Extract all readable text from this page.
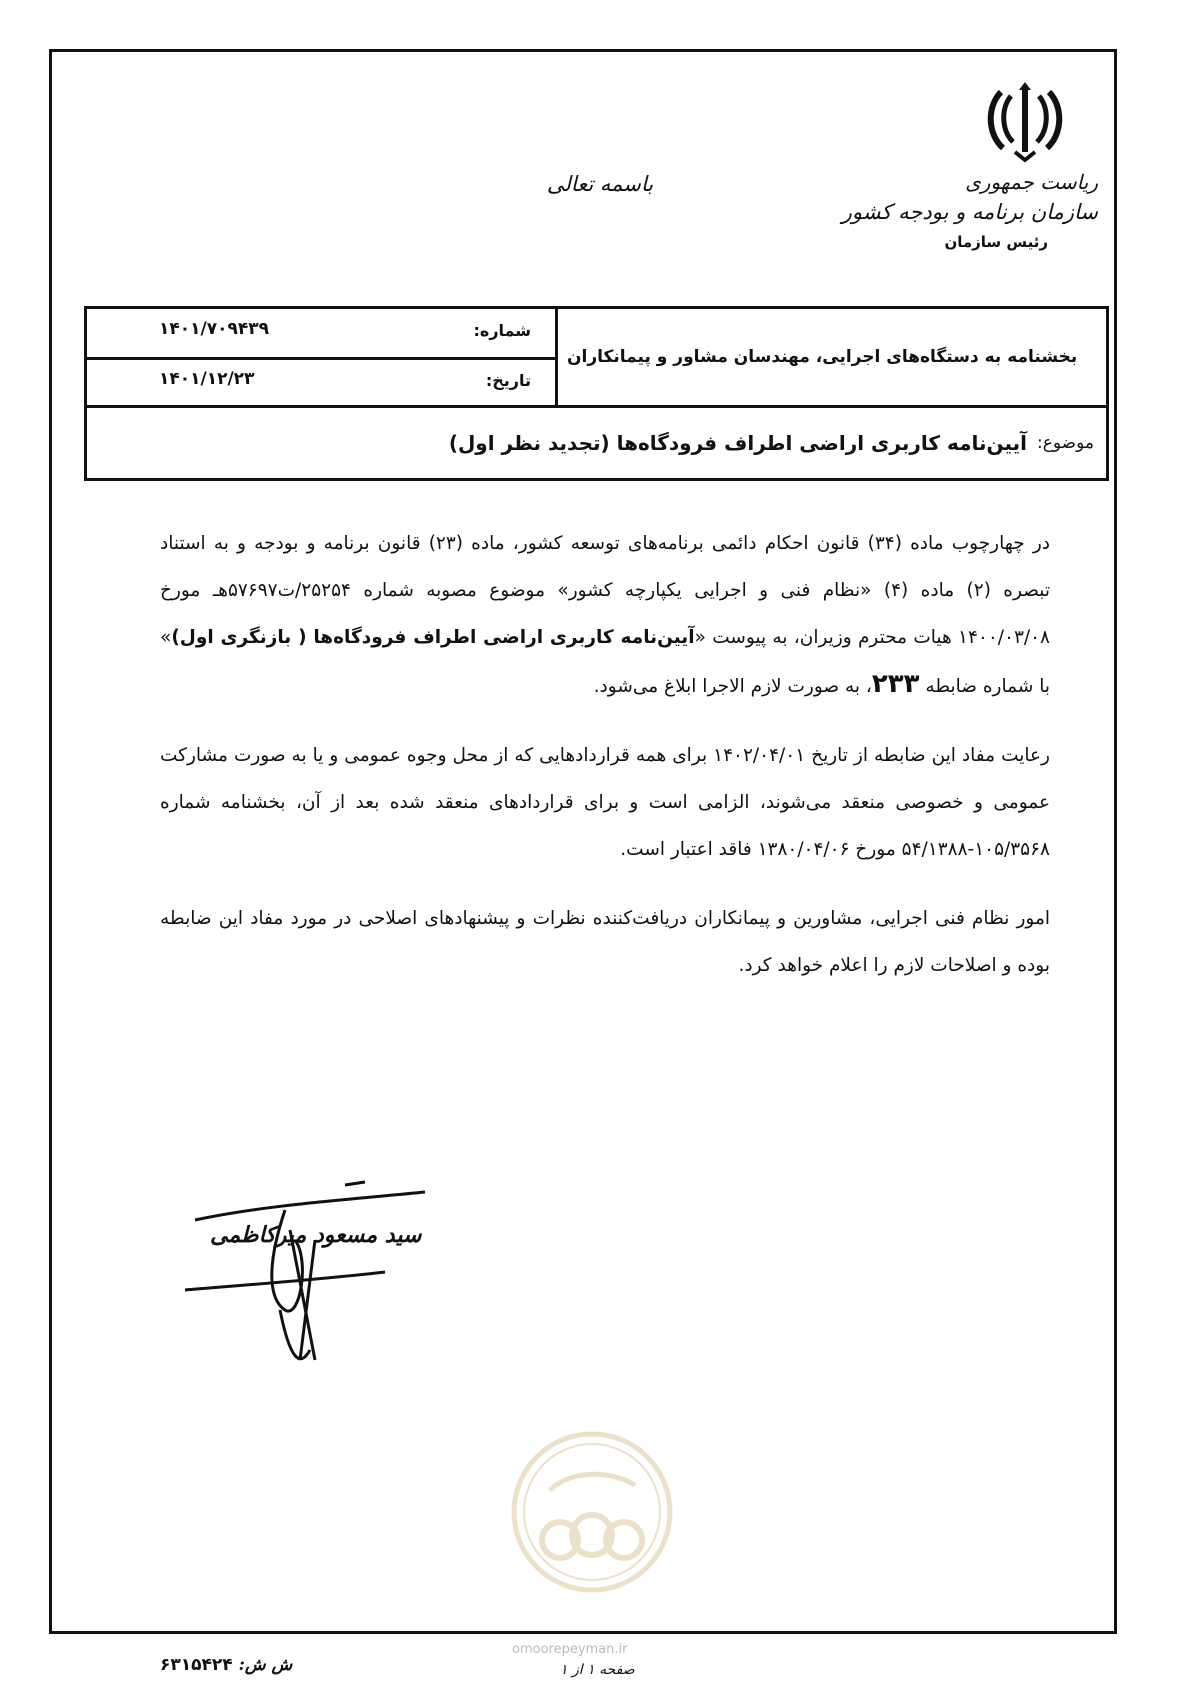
ریاست جمهوری
سازمان برنامه و بودجه کشور
رئیس سازمان
باسمه تعالی
بخشنامه به دستگاه‌های اجرایی، مهندسان مشاور و پیمانکاران
شماره:
۱۴۰۱/۷۰۹۴۳۹
تاریخ:
۱۴۰۱/۱۲/۲۳
موضوع:
آیین‌نامه کاربری اراضی اطراف فرودگاه‌ها (تجدید نظر اول)

در چهارچوب ماده (۳۴) قانون احکام دائمی برنامه‌های توسعه کشور، ماده (۲۳) قانون برنامه و بودجه و به استناد تبصره (۲) ماده (۴) «نظام فنی و اجرایی یکپارچه کشور» موضوع مصوبه شماره ۲۵۲۵۴/ت۵۷۶۹۷هـ مورخ ۱۴۰۰/۰۳/۰۸ هیات محترم وزیران، به پیوست «آیین‌نامه کاربری اراضی اطراف فرودگاه‌ها ( بازنگری اول)» با شماره ضابطه ۲۳۳، به صورت لازم الاجرا ابلاغ می‌شود.

رعایت مفاد این ضابطه از تاریخ ۱۴۰۲/۰۴/۰۱ برای همه قراردادهایی که از محل وجوه عمومی و یا به صورت مشارکت عمومی و خصوصی منعقد می‌شوند، الزامی است و برای قراردادهای منعقد شده بعد از آن، بخشنامه شماره ۱۰۵/۳۵۶۸-۵۴/۱۳۸۸ مورخ ۱۳۸۰/۰۴/۰۶ فاقد اعتبار است.

امور نظام فنی اجرایی، مشاورین و پیمانکاران دریافت‌کننده نظرات و پیشنهادهای اصلاحی در مورد مفاد این ضابطه بوده و اصلاحات لازم را اعلام خواهد کرد.

سید مسعود میرکاظمی
omoorepeyman.ir
ش ش: ۶۳۱۵۴۲۴	صفحه ۱ از ۱
